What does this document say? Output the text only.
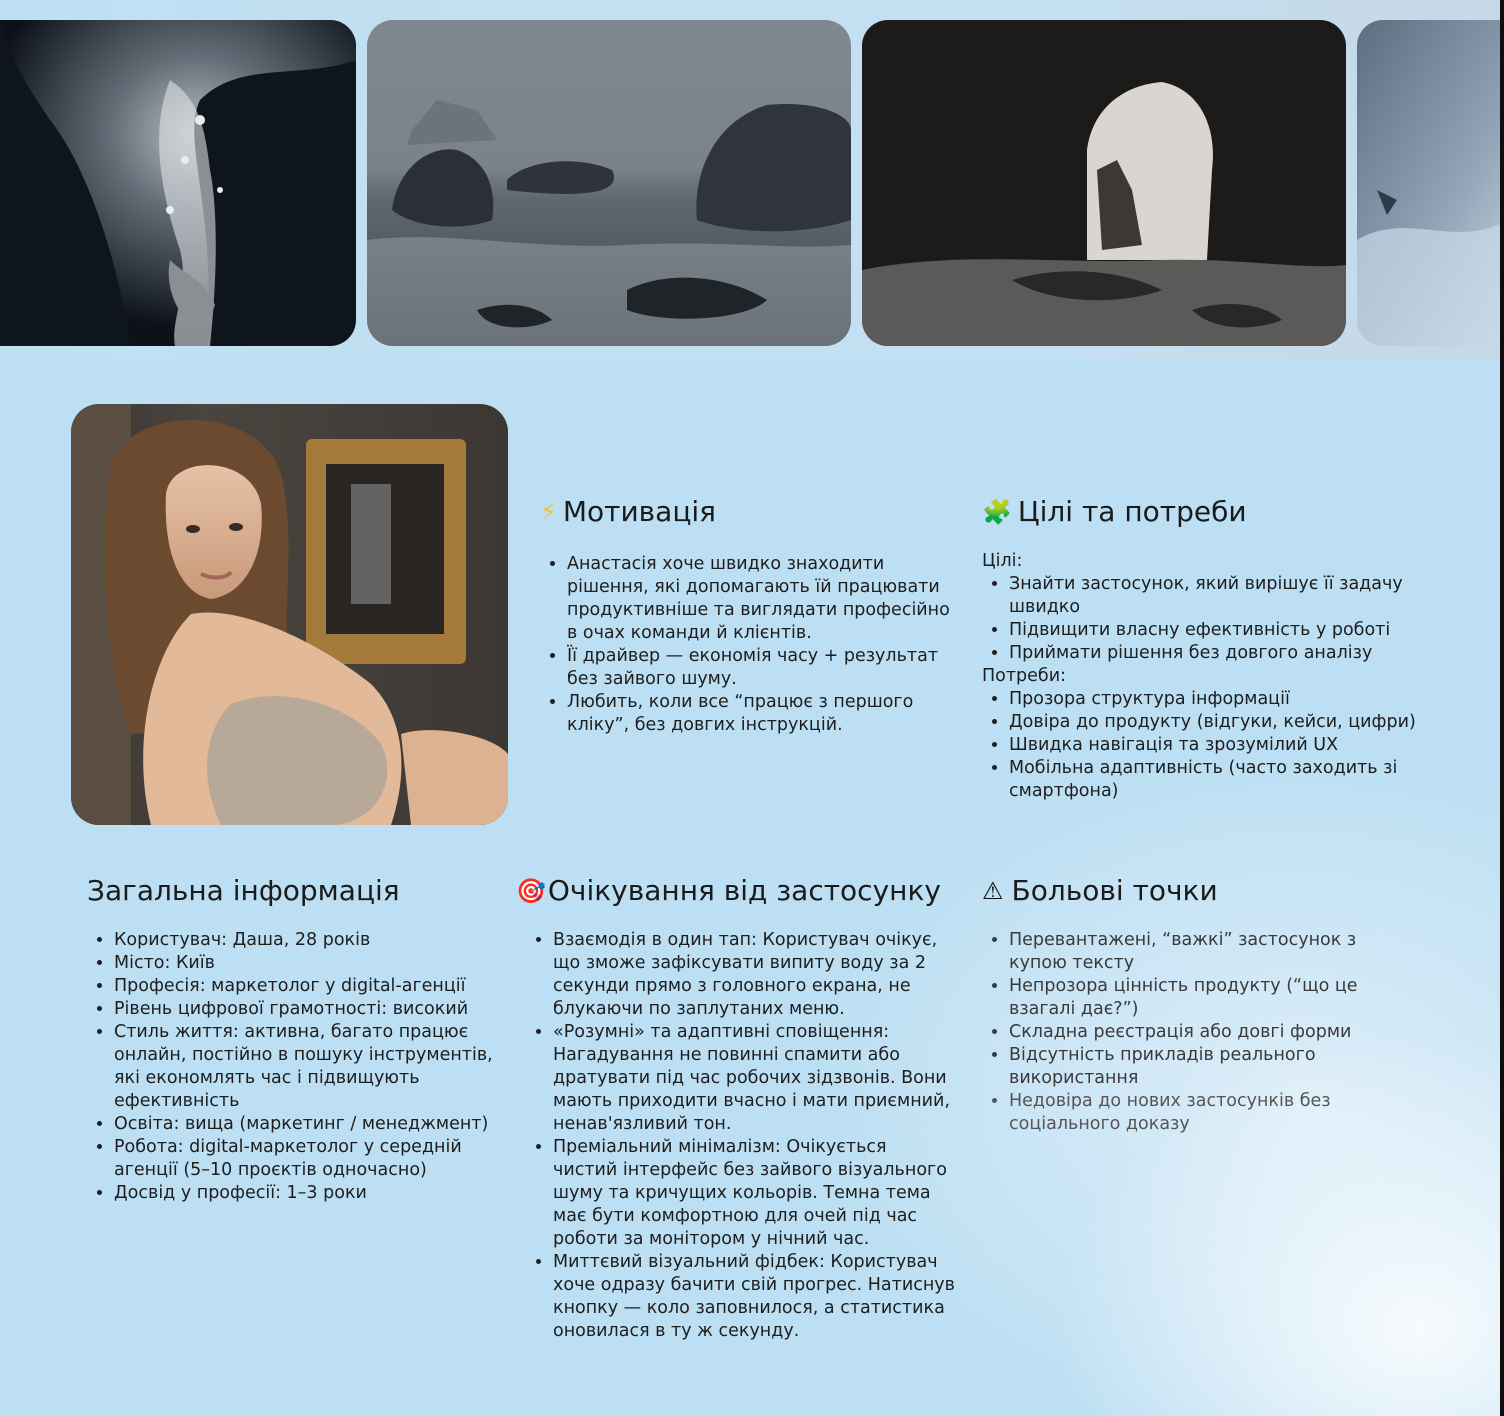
⚡ Мотивація
• Анастасія хоче швидко знаходити рішення, які допомагають їй працювати продуктивніше та виглядати професійно в очах команди й клієнтів.
• Її драйвер — економія часу + результат без зайвого шуму.
• Любить, коли все “працює з першого кліку”, без довгих інструкцій.
🧩 Цілі та потреби
Цілі:
• Знайти застосунок, який вирішує її задачу швидко
• Підвищити власну ефективність у роботі
• Приймати рішення без довгого аналізу
Потреби:
• Прозора структура інформації
• Довіра до продукту (відгуки, кейси, цифри)
• Швидка навігація та зрозумілий UX
• Мобільна адаптивність (часто заходить зі смартфона)
Загальна інформація
• Користувач: Даша, 28 років
• Місто: Київ
• Професія: маркетолог у digital-агенції
• Рівень цифрової грамотності: високий
• Стиль життя: активна, багато працює онлайн, постійно в пошуку інструментів, які економлять час і підвищують ефективність
• Освіта: вища (маркетинг / менеджмент)
• Робота: digital-маркетолог у середній агенції (5–10 проєктів одночасно)
• Досвід у професії: 1–3 роки
🎯 Очікування від застосунку
• Взаємодія в один тап: Користувач очікує, що зможе зафіксувати випиту воду за 2 секунди прямо з головного екрана, не блукаючи по заплутаних меню.
• «Розумні» та адаптивні сповіщення: Нагадування не повинні спамити або дратувати під час робочих зідзвонів. Вони мають приходити вчасно і мати приємний, ненав'язливий тон.
• Преміальний мінімалізм: Очікується чистий інтерфейс без зайвого візуального шуму та кричущих кольорів. Темна тема має бути комфортною для очей під час роботи за монітором у нічний час.
• Миттєвий візуальний фідбек: Користувач хоче одразу бачити свій прогрес. Натиснув кнопку — коло заповнилося, а статистика оновилася в ту ж секунду.
⚠ Больові точки
• Перевантажені, “важкі” застосунок з купою тексту
• Непрозора цінність продукту (“що це взагалі дає?”)
• Складна реєстрація або довгі форми
• Відсутність прикладів реального використання
• Недовіра до нових застосунків без соціального доказу
